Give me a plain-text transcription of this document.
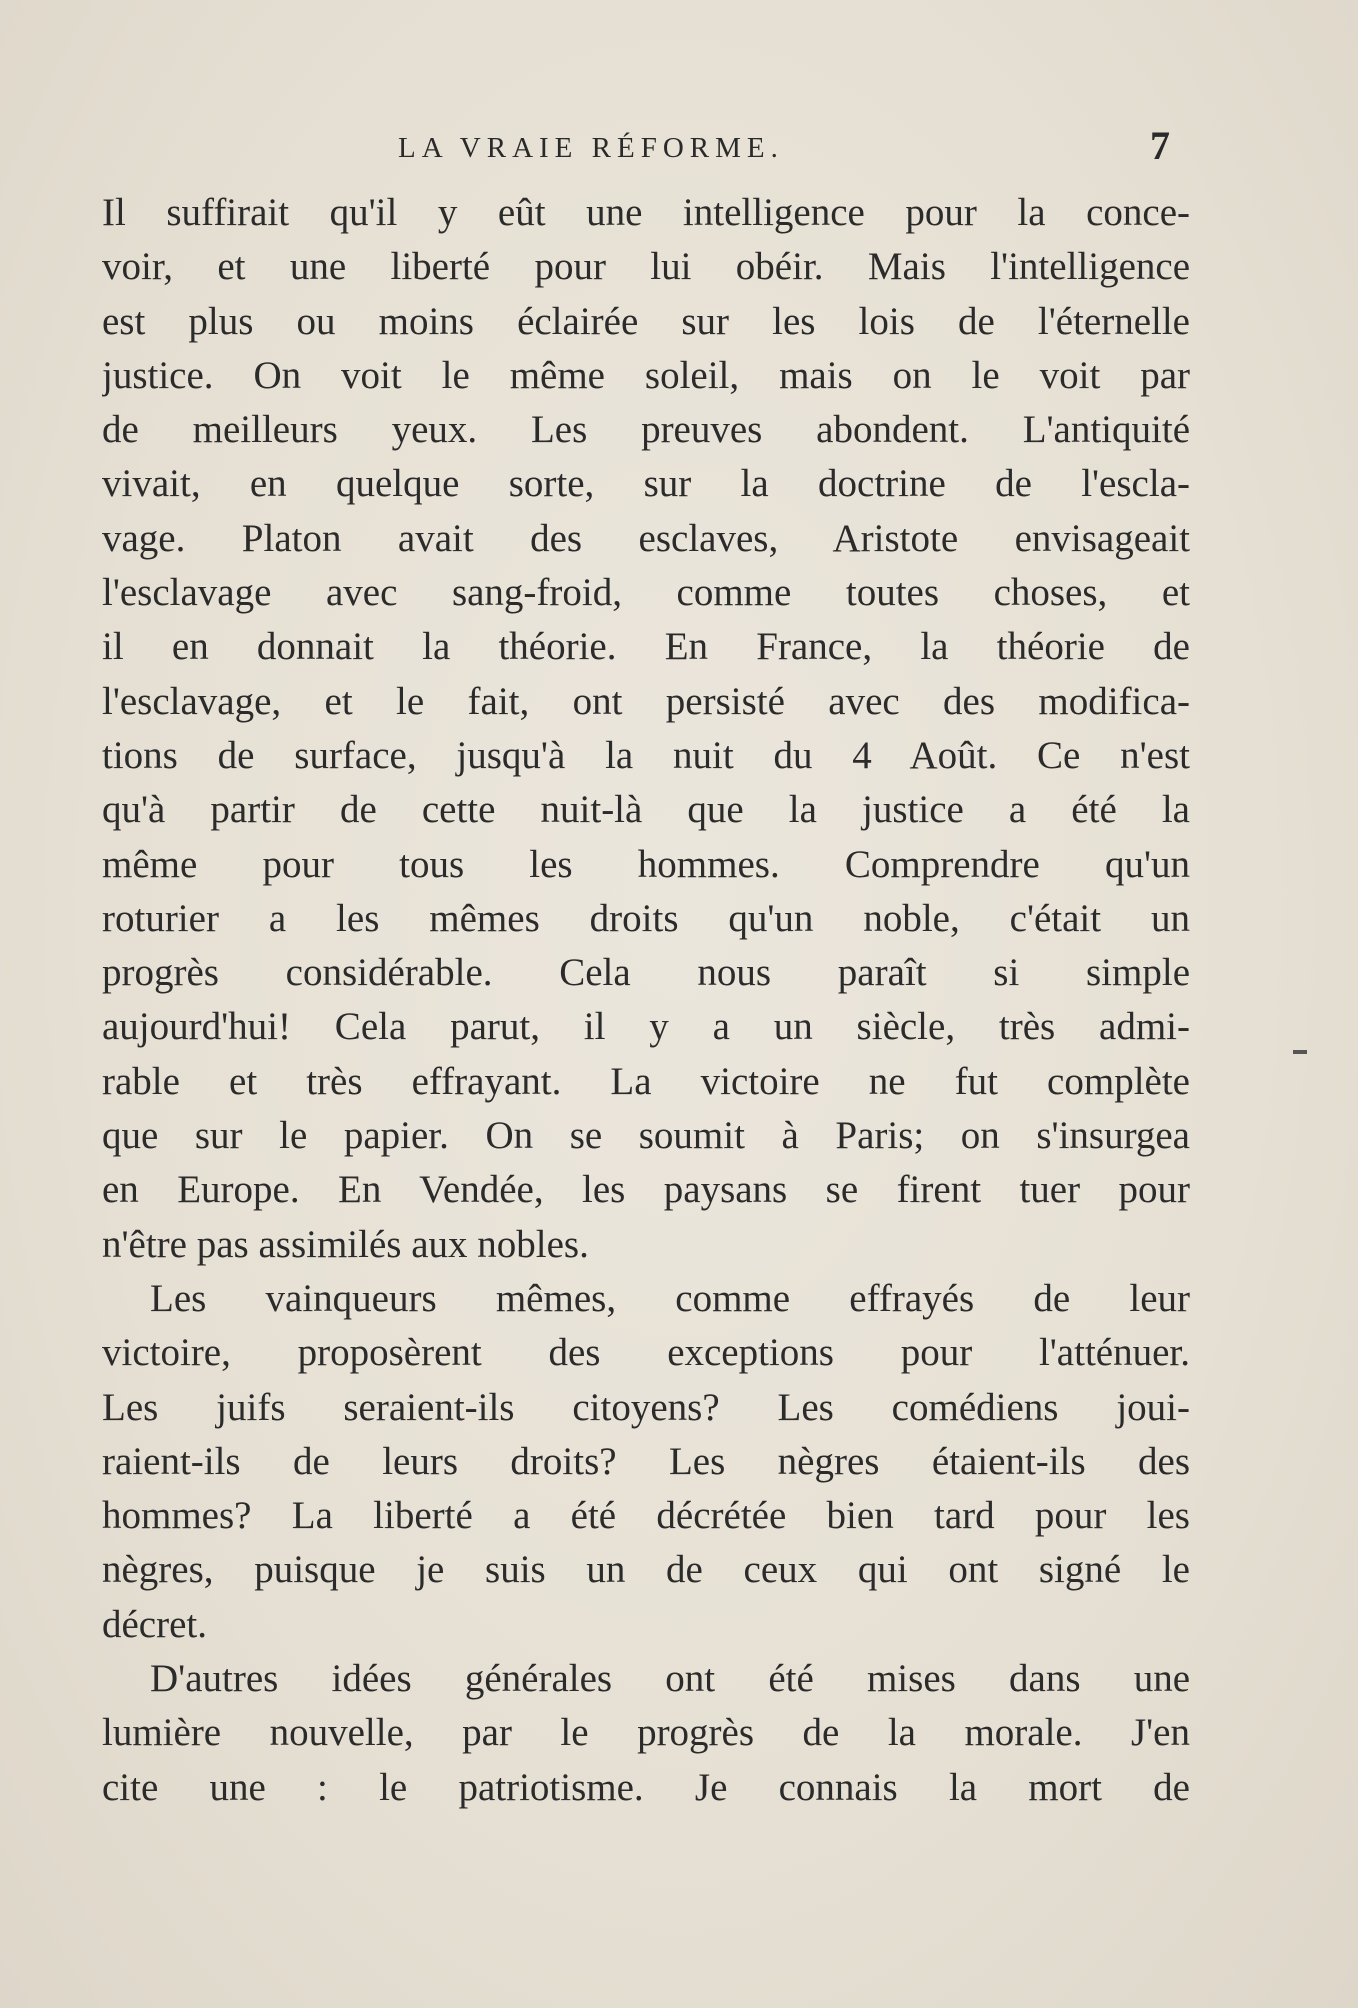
LA VRAIE RÉFORME.	7
Il suffirait qu'il y eût une intelligence pour la conce-
voir, et une liberté pour lui obéir. Mais l'intelligence
est plus ou moins éclairée sur les lois de l'éternelle
justice. On voit le même soleil, mais on le voit par
de meilleurs yeux. Les preuves abondent. L'antiquité
vivait, en quelque sorte, sur la doctrine de l'escla-
vage. Platon avait des esclaves, Aristote envisageait
l'esclavage avec sang-froid, comme toutes choses, et
il en donnait la théorie. En France, la théorie de
l'esclavage, et le fait, ont persisté avec des modifica-
tions de surface, jusqu'à la nuit du 4 Août. Ce n'est
qu'à partir de cette nuit-là que la justice a été la
même pour tous les hommes. Comprendre qu'un
roturier a les mêmes droits qu'un noble, c'était un
progrès considérable. Cela nous paraît si simple
aujourd'hui! Cela parut, il y a un siècle, très admi-
rable et très effrayant. La victoire ne fut complète
que sur le papier. On se soumit à Paris; on s'insurgea
en Europe. En Vendée, les paysans se firent tuer pour
n'être pas assimilés aux nobles.
Les vainqueurs mêmes, comme effrayés de leur
victoire, proposèrent des exceptions pour l'atténuer.
Les juifs seraient-ils citoyens? Les comédiens joui-
raient-ils de leurs droits? Les nègres étaient-ils des
hommes? La liberté a été décrétée bien tard pour les
nègres, puisque je suis un de ceux qui ont signé le
décret.
D'autres idées générales ont été mises dans une
lumière nouvelle, par le progrès de la morale. J'en
cite une : le patriotisme. Je connais la mort de
